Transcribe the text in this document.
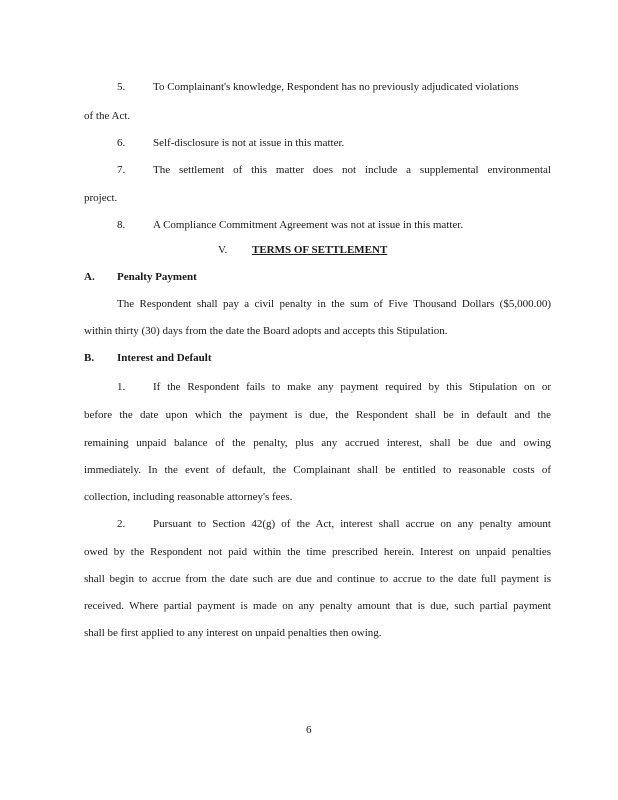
5.	To Complainant's knowledge, Respondent has no previously adjudicated violations
of the Act.
6.	Self-disclosure is not at issue in this matter.
7.	The settlement of this matter does not include a supplemental environmental
project.
8.	A Compliance Commitment Agreement was not at issue in this matter.
V. TERMS OF SETTLEMENT
A. Penalty Payment
The Respondent shall pay a civil penalty in the sum of Five Thousand Dollars ($5,000.00)
within thirty (30) days from the date the Board adopts and accepts this Stipulation.
B. Interest and Default
1.	If the Respondent fails to make any payment required by this Stipulation on or
before the date upon which the payment is due, the Respondent shall be in default and the
remaining unpaid balance of the penalty, plus any accrued interest, shall be due and owing
immediately. In the event of default, the Complainant shall be entitled to reasonable costs of
collection, including reasonable attorney's fees.
2.	Pursuant to Section 42(g) of the Act, interest shall accrue on any penalty amount
owed by the Respondent not paid within the time prescribed herein. Interest on unpaid penalties
shall begin to accrue from the date such are due and continue to accrue to the date full payment is
received. Where partial payment is made on any penalty amount that is due, such partial payment
shall be first applied to any interest on unpaid penalties then owing.
6
